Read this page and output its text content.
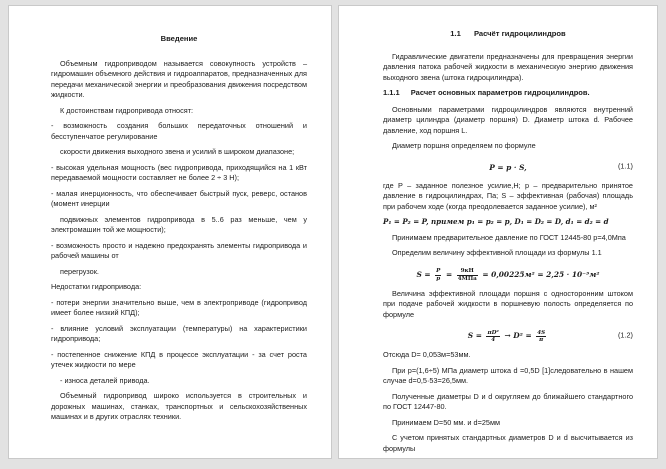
Введение

Объемным гидроприводом называется совокупность устройств – гидромашин объемного действия и гидроаппаратов, предназначенных для передачи механической энергии и преобразования движения посредством жидкости.

К достоинствам гидропривода относят:

- возможность создания больших передаточных отношений и бесступенчатое регулирование

скорости движения выходного звена и усилий в широком диапазоне;

- высокая удельная мощность (вес гидропривода, приходящийся на 1 кВт передаваемой мощности составляет не более 2 ÷ 3 Н);

- малая инерционность, что обеспечивает быстрый пуск, реверс, останов (момент инерции

подвижных элементов гидропривода в 5..6 раз меньше, чем у электромашин той же мощности);

- возможность просто и надежно предохранять элементы гидропривода и рабочей машины от

перегрузок.

Недостатки гидропривода:

- потери энергии значительно выше, чем в электроприводе (гидропривод имеет более низкий КПД);

- влияние условий эксплуатации (температуры) на характеристики гидропривода;

- постепенное снижение КПД в процессе эксплуатации - за счет роста утечек жидкости по мере

- износа деталей привода.

Объемный гидропривод широко используется в строительных и дорожных машинах, станках, транспортных и сельскохозяйственных машинах и в других отраслях техники.

1.1 Расчёт гидроцилиндров

Гидравлические двигатели предназначены для превращения энергии давления патока рабочей жидкости в механическую энергию движения выходного звена (штока гидроцилиндра).

1.1.1 Расчет основных параметров гидроцилиндров.

Основными параметрами гидроцилиндров являются внутренний диаметр цилиндра (диаметр поршня) D. Диаметр штока d. Рабочее давление, ход поршня L.

Диаметр поршня определяем по формуле

P = p · S,	(1.1)

где P – заданное полезное усилие,Н; p – предварительно принятое давление в гидроцилиндрах, Па; S – эффективная (рабочая) площадь при рабочем ходе (когда преодолевается заданное усилие), м²

P₁ = P₂ = P, примем p₁ = p₂ = p, D₁ = D₂ = D, d₁ = d₂ = d

Принимаем предварительное давление по ГОСТ 12445-80 p=4,0Мпа

Определим величину эффективной площади из формулы 1.1

$S = \frac{P}{p} = \frac{9кН}{\text{4МПа}} = 0,00225м^2 = 2,25 \cdot 10^{-3}м^2$

Величина эффективной площади поршня с односторонним штоком при подаче рабочей жидкости в поршневую полость определяется по формуле

$S = \frac{\text{πD²}}{4} \to D^2 = \frac{4S}{\pi}$	(1.2)

Отсюда D= 0,053м=53мм.

При p=(1,6÷5) МПа диаметр штока d =0,5D [1]следовательно в нашем случае d=0,5·53=26,5мм.

Полученные диаметры D и d округляем до ближайшего стандартного по ГОСТ 12447-80.

Принимаем D=50 мм. и d=25мм

С учетом принятых стандартных диаметров D и d высчитывается из формулы
